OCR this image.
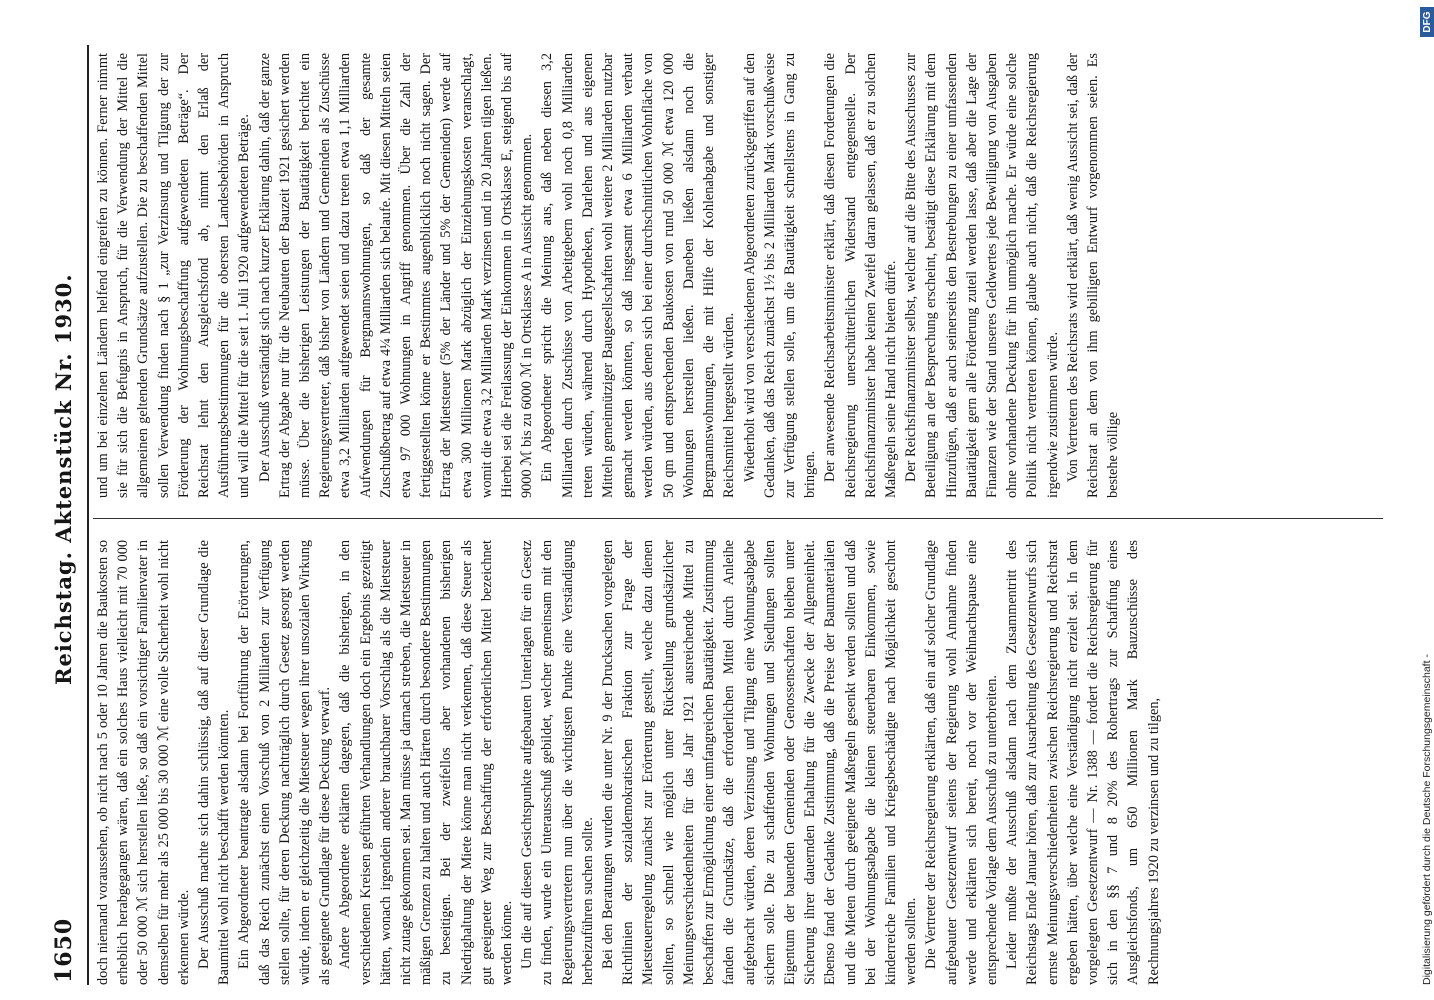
1650
Reichstag. Aktenstück Nr. 1930.

doch niemand voraussehen, ob nicht nach 5 oder 10 Jahren die Baukosten so erheblich herabgegangen wären, daß ein solches Haus vielleicht mit 70 000 oder 50 000 ℳ sich herstellen ließe, so daß ein vorsichtiger Familienvater in demselben für mehr als 25 000 bis 30 000 ℳ eine volle Sicherheit wohl nicht erkennen würde. Der Ausschuß machte sich dahin schlüssig, daß auf dieser Grundlage die Baumittel wohl nicht beschafft werden könnten. Ein Abgeordneter beantragte alsdann bei Fortführung der Erörterungen, daß das Reich zunächst einen Vorschuß von 2 Milliarden zur Verfügung stellen sollte, für deren Deckung nachträglich durch Gesetz gesorgt werden würde, indem er gleichzeitig die Mietsteuer wegen ihrer unsozialen Wirkung als geeignete Grundlage für diese Deckung verwarf. Andere Abgeordnete erklärten dagegen, daß die bisherigen, in den verschiedenen Kreisen geführten Verhandlungen doch ein Ergebnis gezeitigt hätten, wonach irgendein anderer brauchbarer Vorschlag als die Mietsteuer nicht zutage gekommen sei. Man müsse ja darnach streben, die Mietsteuer in mäßigen Grenzen zu halten und auch Härten durch besondere Bestimmungen zu beseitigen. Bei der zweifellos aber vorhandenen bisherigen Niedrighaltung der Miete könne man nicht verkennen, daß diese Steuer als gut geeigneter Weg zur Beschaffung der erforderlichen Mittel bezeichnet werden könne. Um die auf diesen Gesichtspunkte aufgebauten Unterlagen für ein Gesetz zu finden, wurde ein Unterausschuß gebildet, welcher gemeinsam mit den Regierungsvertretern nun über die wichtigsten Punkte eine Verständigung herbeizuführen suchen sollte. Bei den Beratungen wurden die unter Nr. 9 der Drucksachen vorgelegten Richtlinien der sozialdemokratischen Fraktion zur Frage der Mietsteuerregelung zunächst zur Erörterung gestellt, welche dazu dienen sollten, so schnell wie möglich unter Rückstellung grundsätzlicher Meinungsverschiedenheiten für das Jahr 1921 ausreichende Mittel zu beschaffen zur Ermöglichung einer umfangreichen Bautätigkeit. Zustimmung fanden die Grundsätze, daß die erforderlichen Mittel durch Anleihe aufgebracht würden, deren Verzinsung und Tilgung eine Wohnungsabgabe sichern solle. Die zu schaffenden Wohnungen und Siedlungen sollten Eigentum der bauenden Gemeinden oder Genossenschaften bleiben unter Sicherung ihrer dauernden Erhaltung für die Zwecke der Allgemeinheit. Ebenso fand der Gedanke Zustimmung, daß die Preise der Baumaterialien und die Mieten durch geeignete Maßregeln gesenkt werden sollten und daß bei der Wohnungsabgabe die kleinen steuerbaren Einkommen, sowie kinderreiche Familien und Kriegsbeschädigte nach Möglichkeit geschont werden sollten. Die Vertreter der Reichsregierung erklärten, daß ein auf solcher Grundlage aufgebauter Gesetzentwurf seitens der Regierung wohl Annahme finden werde und erklärten sich bereit, noch vor der Weihnachtspause eine entsprechende Vorlage dem Ausschuß zu unterbreiten. Leider mußte der Ausschuß alsdann nach dem Zusammentritt des Reichstags Ende Januar hören, daß zur Ausarbeitung des Gesetzentwurfs sich ernste Meinungsverschiedenheiten zwischen Reichsregierung und Reichsrat ergeben hätten, über welche eine Verständigung nicht erzielt sei. In dem vorgelegten Gesetzentwurf — Nr. 1388 — fordert die Reichsregierung für sich in den §§ 7 und 8 20% des Rohertrags zur Schaffung eines Ausgleichsfonds, um 650 Millionen Mark Bauzuschüsse des Rechnungsjahres 1920 zu verzinsen und zu tilgen,

und um bei einzelnen Ländern helfend eingreifen zu können. Ferner nimmt sie für sich die Befugnis in Anspruch, für die Verwendung der Mittel die allgemeinen geltenden Grundsätze aufzustellen. Die zu beschaffenden Mittel sollen Verwendung finden nach § 1 „zur Verzinsung und Tilgung der zur Förderung der Wohnungsbeschaffung aufgewendeten Beträge“. Der Reichsrat lehnt den Ausgleichsfond ab, nimmt den Erlaß der Ausführungsbestimmungen für die obersten Landesbehörden in Anspruch und will die Mittel für die seit 1. Juli 1920 aufgewendeten Beträge. Der Ausschuß verständigt sich nach kurzer Erklärung dahin, daß der ganze Ertrag der Abgabe nur für die Neubauten der Bauzeit 1921 gesichert werden müsse. Über die bisherigen Leistungen der Bautätigkeit berichtet ein Regierungsvertreter, daß bisher von Ländern und Gemeinden als Zuschüsse etwa 3,2 Milliarden aufgewendet seien und dazu treten etwa 1,1 Milliarden Aufwendungen für Bergmannswohnungen, so daß der gesamte Zuschußbetrag auf etwa 4¼ Milliarden sich belaufe. Mit diesen Mitteln seien etwa 97 000 Wohnungen in Angriff genommen. Über die Zahl der fertiggestellten könne er Bestimmtes augenblicklich noch nicht sagen. Der Ertrag der Mietsteuer (5% der Länder und 5% der Gemeinden) werde auf etwa 300 Millionen Mark abzüglich der Einziehungskosten veranschlagt, womit die etwa 3,2 Milliarden Mark verzinsen und in 20 Jahren tilgen ließen. Hierbei sei die Freilassung der Einkommen in Ortsklasse E, steigend bis auf 9000 ℳ bis zu 6000 ℳ in Ortsklasse A in Aussicht genommen. Ein Abgeordneter spricht die Meinung aus, daß neben diesen 3,2 Milliarden durch Zuschüsse von Arbeitgebern wohl noch 0,8 Milliarden treten würden, während durch Hypotheken, Darlehen und aus eigenen Mitteln gemeinnütziger Baugesellschaften wohl weitere 2 Milliarden nutzbar gemacht werden könnten, so daß insgesamt etwa 6 Milliarden verbaut werden würden, aus denen sich bei einer durchschnittlichen Wohnfläche von 50 qm und entsprechenden Baukosten von rund 50 000 ℳ etwa 120 000 Wohnungen herstellen ließen. Daneben ließen alsdann noch die Bergmannswohnungen, die mit Hilfe der Kohlenabgabe und sonstiger Reichsmittel hergestellt würden. Wiederholt wird von verschiedenen Abgeordneten zurückgegriffen auf den Gedanken, daß das Reich zunächst 1½ bis 2 Milliarden Mark vorschußweise zur Verfügung stellen solle, um die Bautätigkeit schnellstens in Gang zu bringen. Der anwesende Reichsarbeitsminister erklärt, daß diesen Forderungen die Reichsregierung unerschütterlichen Widerstand entgegenstelle. Der Reichsfinanzminister habe keinen Zweifel daran gelassen, daß er zu solchen Maßregeln seine Hand nicht bieten dürfe. Der Reichsfinanzminister selbst, welcher auf die Bitte des Ausschusses zur Beteiligung an der Besprechung erscheint, bestätigt diese Erklärung mit dem Hinzufügen, daß er auch seinerseits den Bestrebungen zu einer umfassenden Bautätigkeit gern alle Förderung zuteil werden lasse, daß aber die Lage der Finanzen wie der Stand unseres Geldwertes jede Bewilligung von Ausgaben ohne vorhandene Deckung für ihn unmöglich mache. Er würde eine solche Politik nicht vertreten können, glaube auch nicht, daß die Reichsregierung irgendwie zustimmen würde. Von Vertretern des Reichsrats wird erklärt, daß wenig Aussicht sei, daß der Reichsrat an dem von ihm gebilligten Entwurf vorgenommen seien. Es bestehe völlige

Digitalisierung gefördert durch die Deutsche Forschungsgemeinschaft -
DFG
